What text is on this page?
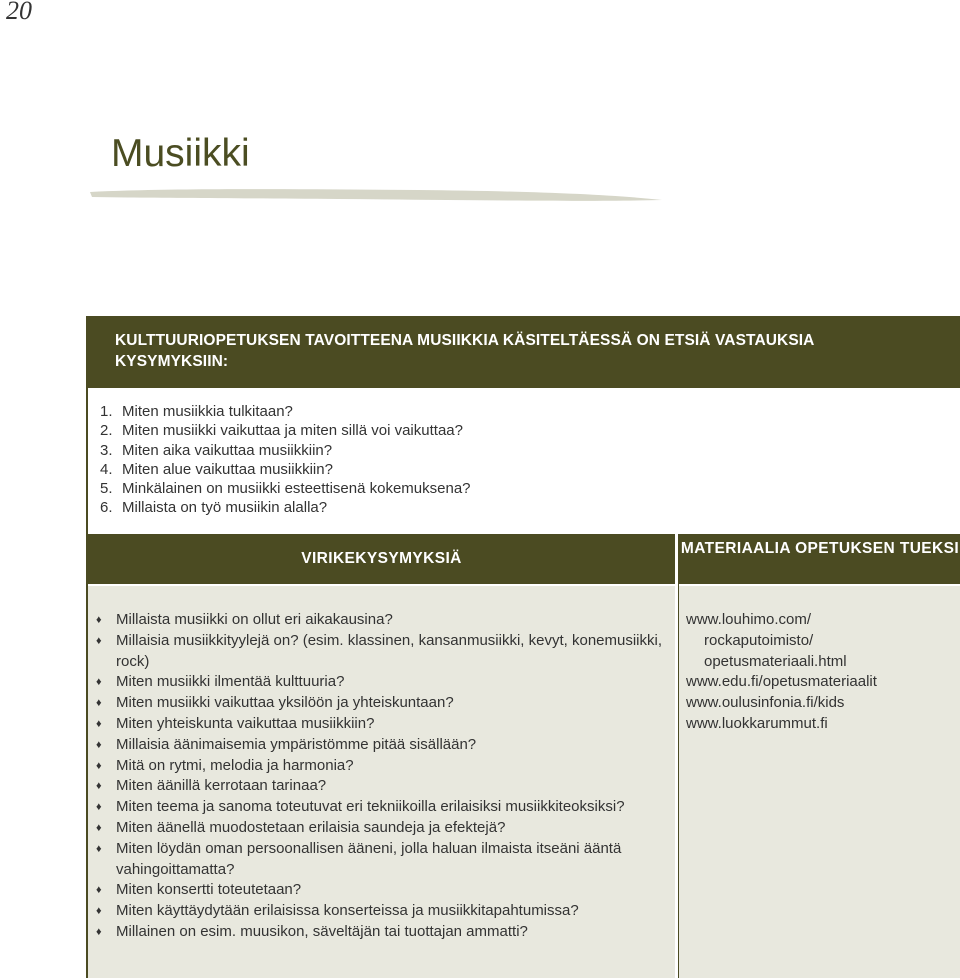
20
Musiikki
KULTTUURIOPETUKSEN TAVOITTEENA MUSIIKKIA KÄSITELTÄESSÄ ON ETSIÄ VASTAUKSIA KYSYMYKSIIN:
1. Miten musiikkia tulkitaan?
2. Miten musiikki vaikuttaa ja miten sillä voi vaikuttaa?
3. Miten aika vaikuttaa musiikkiin?
4. Miten alue vaikuttaa musiikkiin?
5. Minkälainen on musiikki esteettisenä kokemuksena?
6. Millaista on työ musiikin alalla?
VIRIKEKYSYMYKSIÄ
MATERIAALIA OPETUKSEN TUEKSI
♦ Millaista musiikki on ollut eri aikakausina?
♦ Millaisia musiikkityylejä on? (esim. klassinen, kansanmusiikki, kevyt, konemusiikki, rock)
♦ Miten musiikki ilmentää kulttuuria?
♦ Miten musiikki vaikuttaa yksilöön ja yhteiskuntaan?
♦ Miten yhteiskunta vaikuttaa musiikkiin?
♦ Millaisia äänimaisemia ympäristömme pitää sisällään?
♦ Mitä on rytmi, melodia ja harmonia?
♦ Miten äänillä kerrotaan tarinaa?
♦ Miten teema ja sanoma toteutuvat eri tekniikoilla erilaisiksi musiikkiteoksiksi?
♦ Miten äänellä muodostetaan erilaisia saundeja ja efektejä?
♦ Miten löydän oman persoonallisen ääneni, jolla haluan ilmaista itseäni ääntä vahingoittamatta?
♦ Miten konsertti toteutetaan?
♦ Miten käyttäydytään erilaisissa konserteissa ja musiikkitapahtumissa?
♦ Millainen on esim. muusikon, säveltäjän tai tuottajan ammatti?
www.louhimo.com/
rockaputoimisto/
opetusmateriaali.html
www.edu.fi/opetusmateriaalit
www.oulusinfonia.fi/kids
www.luokkarummut.fi
